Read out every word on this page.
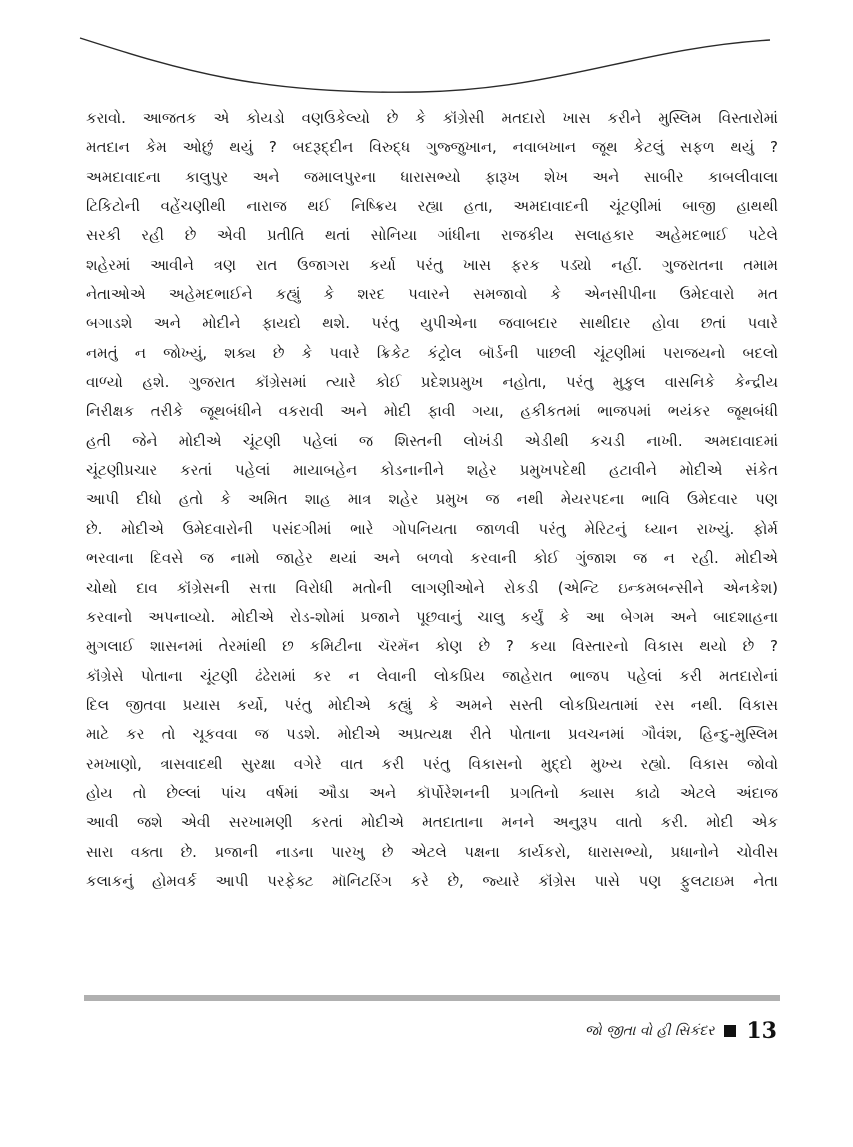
કરાવો. આજતક એ કોયડો વણઉકેલ્યો છે કે કૉંગ્રેસી મતદારો ખાસ કરીને મુસ્લિમ વિસ્તારોમાં
મતદાન કેમ ઓછું થયું ? બદરૂદ્દીન વિરુદ્ધ ગુજ્જુખાન, નવાબખાન જૂથ કેટલું સફળ થયું ?
અમદાવાદના કાલુપુર અને જમાલપુરના ધારાસભ્યો ફારૂખ શેખ અને સાબીર કાબલીવાલા
ટિકિટોની વહેંચણીથી નારાજ થઈ નિષ્ક્રિય રહ્યા હતા, અમદાવાદની ચૂંટણીમાં બાજી હાથથી
સરકી રહી છે એવી પ્રતીતિ થતાં સોનિયા ગાંધીના રાજકીય સલાહકાર અહેમદભાઈ પટેલે
શહેરમાં આવીને ત્રણ રાત ઉજાગરા કર્યા પરંતુ ખાસ ફરક પડ્યો નહીં. ગુજરાતના તમામ
નેતાઓએ અહેમદભાઈને કહ્યું કે શરદ પવારને સમજાવો કે એનસીપીના ઉમેદવારો મત
બગાડશે અને મોદીને ફાયદો થશે. પરંતુ યુપીએના જવાબદાર સાથીદાર હોવા છતાં પવારે
નમતું ન જોખ્યું, શક્ય છે કે પવારે ક્રિકેટ કંટ્રોલ બૉર્ડની પાછલી ચૂંટણીમાં પરાજયનો બદલો
વાળ્યો હશે. ગુજરાત કૉંગ્રેસમાં ત્યારે કોઈ પ્રદેશપ્રમુખ નહોતા, પરંતુ મુકુલ વાસનિકે કેન્દ્રીય
નિરીક્ષક તરીકે જૂથબંધીને વકરાવી અને મોદી ફાવી ગયા, હકીકતમાં ભાજપમાં ભયંકર જૂથબંધી
હતી જેને મોદીએ ચૂંટણી પહેલાં જ શિસ્તની લોખંડી એડીથી કચડી નાખી. અમદાવાદમાં
ચૂંટણીપ્રચાર કરતાં પહેલાં માયાબહેન કોડનાનીને શહેર પ્રમુખપદેથી હટાવીને મોદીએ સંકેત
આપી દીધો હતો કે અમિત શાહ માત્ર શહેર પ્રમુખ જ નથી મેયરપદના ભાવિ ઉમેદવાર પણ
છે. મોદીએ ઉમેદવારોની પસંદગીમાં ભારે ગોપનિયતા જાળવી પરંતુ મેરિટનું ધ્યાન રાખ્યું. ફોર્મ
ભરવાના દિવસે જ નામો જાહેર થયાં અને બળવો કરવાની કોઈ ગુંજાશ જ ન રહી. મોદીએ
ચોથો દાવ કૉંગ્રેસની સત્તા વિરોધી મતોની લાગણીઓને રોકડી (એન્ટિ ઇન્કમબન્સીને એનકેશ)
કરવાનો અપનાવ્યો. મોદીએ રોડ-શોમાં પ્રજાને પૂછવાનું ચાલુ કર્યું કે આ બેગમ અને બાદશાહના
મુગલાઈ શાસનમાં તેરમાંથી છ કમિટીના ચૅરમૅન કોણ છે ? કયા વિસ્તારનો વિકાસ થયો છે ?
કૉંગ્રેસે પોતાના ચૂંટણી ઢંઢેરામાં કર ન લેવાની લોકપ્રિય જાહેરાત ભાજપ પહેલાં કરી મતદારોનાં
દિલ જીતવા પ્રયાસ કર્યો, પરંતુ મોદીએ કહ્યું કે અમને સસ્તી લોકપ્રિયતામાં રસ નથી. વિકાસ
માટે કર તો ચૂકવવા જ પડશે. મોદીએ અપ્રત્યક્ષ રીતે પોતાના પ્રવચનમાં ગૌવંશ, હિન્દુ-મુસ્લિમ
રમખાણો, ત્રાસવાદથી સુરક્ષા વગેરે વાત કરી પરંતુ વિકાસનો મુદ્દો મુખ્ય રહ્યો. વિકાસ જોવો
હોય તો છેલ્લાં પાંચ વર્ષમાં ઔડા અને કૉર્પોરેશનની પ્રગતિનો ક્યાસ કાઢો એટલે અંદાજ
આવી જશે એવી સરખામણી કરતાં મોદીએ મતદાતાના મનને અનુરૂપ વાતો કરી. મોદી એક
સારા વક્તા છે. પ્રજાની નાડના પારખુ છે એટલે પક્ષના કાર્યકરો, ધારાસભ્યો, પ્રધાનોને ચોવીસ
કલાકનું હોમવર્ક આપી પરફેક્ટ મૉનિટરિંગ કરે છે, જ્યારે કૉંગ્રેસ પાસે પણ ફુલટાઇમ નેતા
જો જીતા વો હી સિકંદર 13
